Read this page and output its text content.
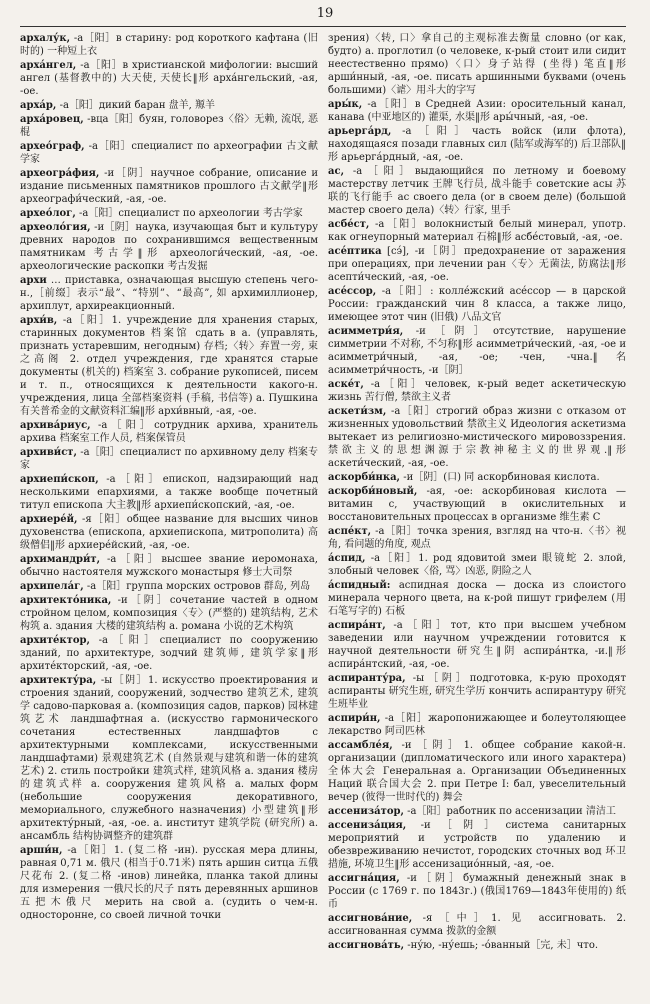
19

архалу́к, -а［阳］в старину: род короткого кафтана (旧时的) 一种短上衣

арха́нгел, -а［阳］в христианской мифологии: высший ангел (基督教中的) 大天使, 天使长‖形 арха́нгельский, -ая, -ое.

арха́р, -а［阳］дикий баран 盘羊, 羱羊

арха́ровец, -вца［阳］буян, головорез〈俗〉无赖, 流氓, 恶棍

архео́граф, -а［阳］специалист по археографии 古文献学家

археогра́фия, -и［阴］научное собрание, описание и издание письменных памятников прошлого 古文献学‖形 археографи́ческий, -ая, -ое.

архео́лог, -а［阳］специалист по археологии 考古学家

археоло́гия, -и［阴］наука, изучающая быт и культуру древних народов по сохранившимся вещественным памятникам 考古学‖形 археологи́ческий, -ая, -ое. археологические раскопки 考古发掘

архи … приставка, означающая высшую степень чего-н.,［前缀］表示“最”、“特别”、“最高”, 如 архимиллионер, архиплут, архиреакционный.

архи́в, -а［阳］1. учреждение для хранения старых, старинных документов 档案馆 сдать в а. (управлять, признать устаревшим, негодным) 存档;〈转〉弃置一旁, 束之高阁 2. отдел учреждения, где хранятся старые документы (机关的) 档案室 3. собрание рукописей, писем и т. п., относящихся к деятельности какого-н. учреждения, лица 全部档案资料 (手稿, 书信等) а. Пушкина 有关普希金的文献资料汇编‖形 архи́вный, -ая, -ое.

архива́риус, -а［阳］сотрудник архива, хранитель архива 档案室工作人员, 档案保管员

архиви́ст, -а［阳］специалист по архивному делу 档案专家

архиепи́скоп, -а［阳］епископ, надзирающий над несколькими епархиями, а также вообще почетный титул епископа 大主教‖形 архиепи́скопский, -ая, -ое.

архиере́й, -я［阳］общее название для высших чинов духовенства (епископа, архиепископа, митрополита) 高级僧侣‖形 архиере́йский, -ая, -ое.

архимандри́т, -а［阳］высшее звание иеромонаха, обычно настоятеля мужского монастыря 修士大司祭

архипела́г, -а［阳］группа морских островов 群岛, 列岛

архитекто́ника, -и［阴］сочетание частей в одном стройном целом, композиция〈专〉(严整的) 建筑结构, 艺术构筑 а. здания 大楼的建筑结构 а. романа 小说的艺术构筑

архите́ктор, -а［阳］специалист по сооружению зданий, по архитектуре, зодчий 建筑师, 建筑学家‖形 архите́кторский, -ая, -ое.

архитекту́ра, -ы［阴］1. искусство проектирования и строения зданий, сооружений, зодчество 建筑艺术, 建筑学 садово-парковая а. (композиция садов, парков) 园林建筑艺术 ландшафтная а. (искусство гармонического сочетания естественных ландшафтов с архитектурными комплексами, искусственными ландшафтами) 景观建筑艺术 (自然景观与建筑和谐一体的建筑艺术) 2. стиль постройки 建筑式样, 建筑风格 а. здания 楼房的建筑式样 а. сооружения 建筑风格 а. малых форм (небольшие сооружения декоративного, мемориального, служебного назначения) 小型建筑‖形 архитекту́рный, -ая, -ое. а. институт 建筑学院 (研究所) а. ансамбль 结构协调整齐的建筑群

арши́н, -а［阳］1. (复二格 -ин). русская мера длины, равная 0,71 м. 俄尺 (相当于0.71米) пять аршин ситца 五俄尺花布 2. (复二格 -инов) линейка, планка такой длины для измерения 一俄尺长的尺子 пять деревянных аршинов 五把木俄尺 мерить на свой а. (судить о чем-н. односторонне, со своей личной точки

зрения)〈转, 口〉拿自己的主观标准去衡量 словно (or как, будто) а. проглотил (о человеке, к-рый стоит или сидит неестественно прямо)〈口〉身子站得 (坐得) 笔直‖形 арши́нный, -ая, -ое. писать аршинными буквами (очень большими)〈谑〉用斗大的字写

ары́к, -а［阳］в Средней Азии: оросительный канал, канава (中亚地区的) 灌渠, 水渠‖形 ары́чный, -ая, -ое.

арьерга́рд, -а［阳］часть войск (или флота), находящаяся позади главных сил (陆军或海军的) 后卫部队‖形 арьерга́рдный, -ая, -ое.

ас, -а［阳］выдающийся по летному и боевому мастерству летчик 王牌飞行员, 战斗能手 советские асы 苏联的飞行能手 ас своего дела (or в своем деле) (большой мастер своего дела)〈转〉行家, 里手

асбе́ст, -а［阳］волокнистый белый минерал, употр. как огнеупорный материал 石棉‖形 асбе́стовый, -ая, -ое.

асе́птика [сэ́], -и［阴］предохранение от заражения при операциях, при лечении ран〈专〉无菌法, 防腐法‖形 асепти́ческий, -ая, -ое.

асе́ссор, -а［阳］: колле́жский асе́ссор — в царской России: гражданский чин 8 класса, а также лицо, имеющее этот чин (旧俄) 八品文官

асимметри́я, -и［阴］отсутствие, нарушение симметрии 不对称, 不匀称‖形 асимметри́ческий, -ая, -ое и асимметри́чный, -ая, -ое; -чен, -чна.‖名 асимметри́чность, -и［阴］

аске́т, -а［阳］человек, к-рый ведет аскетическую жизнь 苦行僧, 禁欲主义者

аскети́зм, -а［阳］строгий образ жизни с отказом от жизненных удовольствий 禁欲主义 Идеология аскетизма вытекает из религиозно-мистического мировоззрения. 禁欲主义的思想渊源于宗教神秘主义的世界观.‖形 аскети́ческий, -ая, -ое.

аскорби́нка, -и［阴］(口) 同 аскорбиновая кислота.

аскорби́новый, -ая, -ое: аскорбиновая кислота — витамин с, участвующий в окислительных и восстановительных процессах в организме 维生素 C

аспе́кт, -а［阳］точка зрения, взгляд на что-н.〈书〉视角, 看问题的角度, 观点

а́спид, -а［阳］1. род ядовитой змеи 眼镜蛇 2. злой, злобный человек〈俗, 骂〉凶恶, 阴险之人

а́спидный: аспидная доска — доска из слоистого минерала черного цвета, на к-рой пишут грифелем (用石笔写字的) 石板

аспира́нт, -а［阳］тот, кто при высшем учебном заведении или научном учреждении готовится к научной деятельности 研究生‖阴 аспира́нтка, -и.‖形 аспира́нтский, -ая, -ое.

аспиранту́ра, -ы［阴］подготовка, к-рую проходят аспиранты 研究生班, 研究生学历 кончить аспирантуру 研究生班毕业

аспири́н, -а［阳］жаропонижающее и болеутоляющее лекарство 阿司匹林

ассамбле́я, -и［阴］1. общее собрание какой-н. организации (дипломатического или иного характера) 全体大会 Генеральная а. Организации Объединенных Наций 联合国大会 2. при Петре I: бал, увеселительный вечер (彼得一世时代的) 舞会

ассениза́тор, -а［阳］работник по ассенизации 清洁工

ассениза́ция, -и［阴］система санитарных мероприятий и устройств по удалению и обезвреживанию нечистот, городских сточных вод 环卫措施, 环境卫生‖形 ассенизацио́нный, -ая, -ое.

ассигна́ция, -и［阴］бумажный денежный знак в России (с 1769 г. по 1843г.) (俄国1769—1843年使用的) 纸币

ассигнова́ние, -я［中］1. 见 ассигновать. 2. ассигнованная сумма 拨款的金额

ассигнова́ть, -ну́ю, -ну́ешь; -о́ванный［完, 未］что.
